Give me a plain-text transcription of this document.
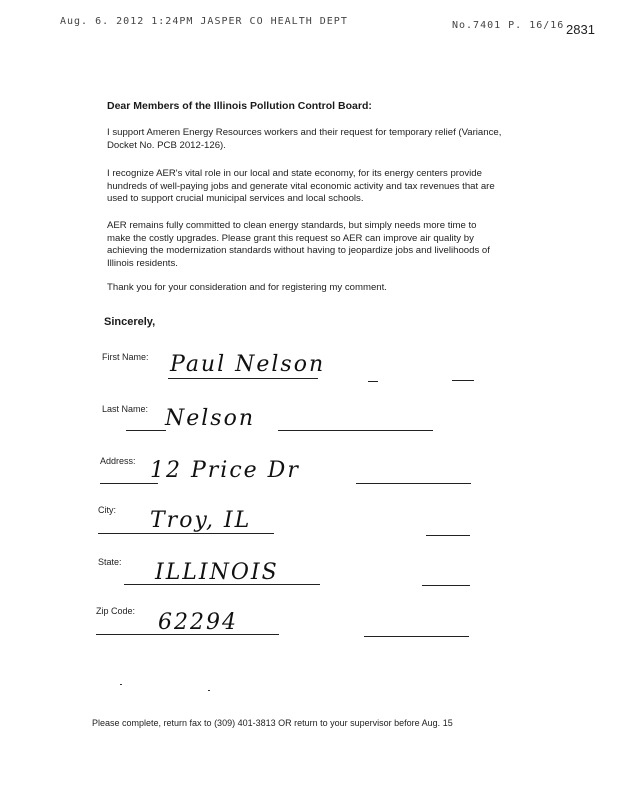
Aug. 6. 2012 1:24PM JASPER CO HEALTH DEPT	No.7401 P. 16/16 2831
Dear Members of the Illinois Pollution Control Board:
I support Ameren Energy Resources workers and their request for temporary relief (Variance, Docket No. PCB 2012-126).
I recognize AER's vital role in our local and state economy, for its energy centers provide hundreds of well-paying jobs and generate vital economic activity and tax revenues that are used to support crucial municipal services and local schools.
AER remains fully committed to clean energy standards, but simply needs more time to make the costly upgrades. Please grant this request so AER can improve air quality by achieving the modernization standards without having to jeopardize jobs and livelihoods of Illinois residents.
Thank you for your consideration and for registering my comment.
Sincerely,
First Name: Paul Nelson
Last Name: Nelson
Address: 12 Price Dr
City: Troy, IL
State: ILLINOIS
Zip Code: 62294
Please complete, return fax to (309) 401-3813 OR return to your supervisor before Aug. 15
